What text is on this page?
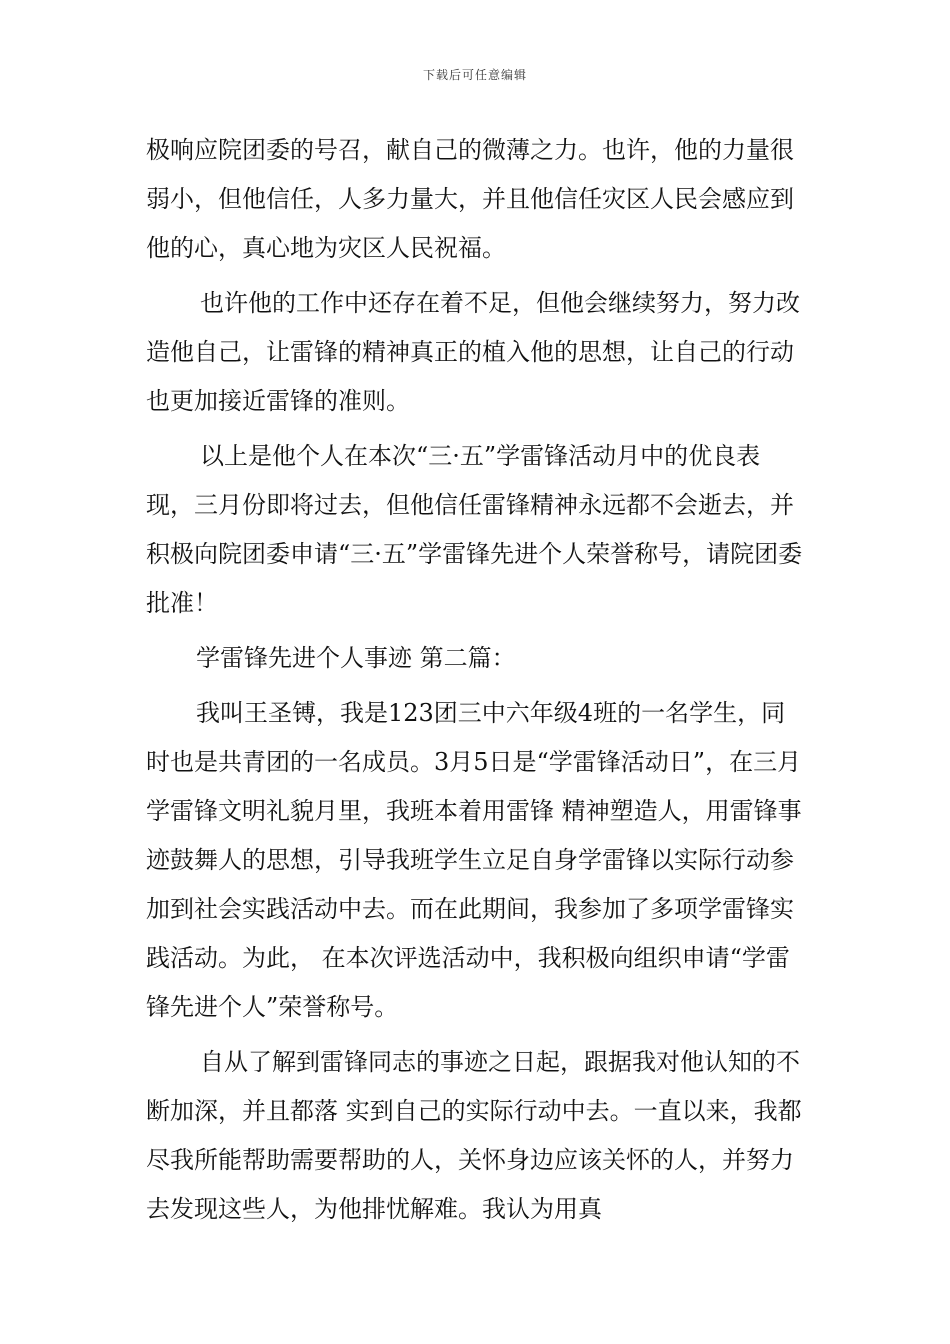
下载后可任意编辑

极响应院团委的号召，献自己的微薄之力。也许，他的力量很弱小，但他信任，人多力量大，并且他信任灾区人民会感应到他的心，真心地为灾区人民祝福。

也许他的工作中还存在着不足，但他会继续努力，努力改造他自己，让雷锋的精神真正的植入他的思想，让自己的行动也更加接近雷锋的准则。

以上是他个人在本次“三·五”学雷锋活动月中的优良表现，三月份即将过去，但他信任雷锋精神永远都不会逝去，并积极向院团委申请“三·五”学雷锋先进个人荣誉称号，请院团委批准！

学雷锋先进个人事迹 第二篇：

我叫王圣镈，我是123团三中六年级4班的一名学生，同时也是共青团的一名成员。3月5日是“学雷锋活动日”，在三月学雷锋文明礼貌月里，我班本着用雷锋 精神塑造人，用雷锋事迹鼓舞人的思想，引导我班学生立足自身学雷锋以实际行动参加到社会实践活动中去。而在此期间，我参加了多项学雷锋实践活动。为此， 在本次评选活动中，我积极向组织申请“学雷锋先进个人”荣誉称号。

自从了解到雷锋同志的事迹之日起，跟据我对他认知的不断加深，并且都落 实到自己的实际行动中去。一直以来，我都尽我所能帮助需要帮助的人，关怀身边应该关怀的人，并努力去发现这些人，为他排忧解难。我认为用真
